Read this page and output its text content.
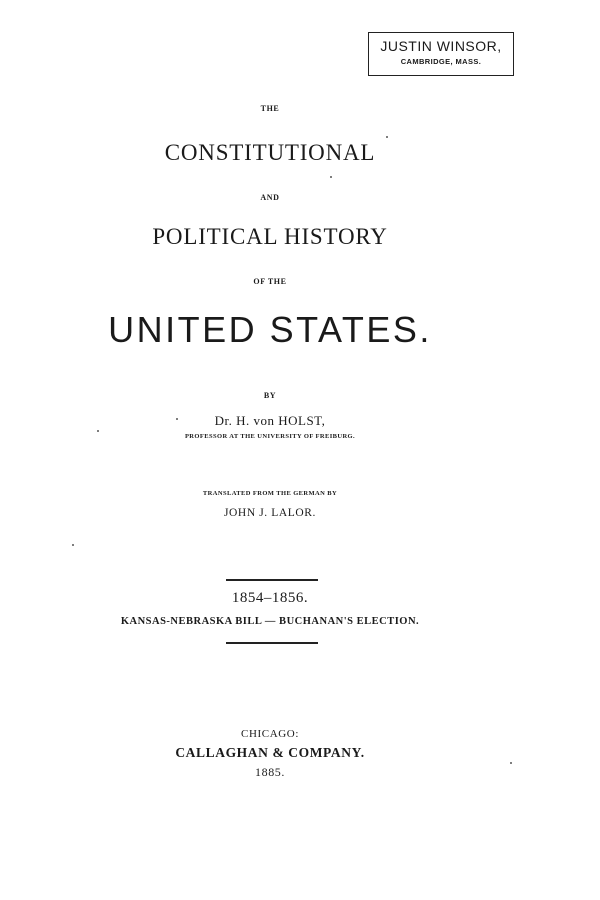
JUSTIN WINSOR,
CAMBRIDGE, MASS.
THE
CONSTITUTIONAL
AND
POLITICAL HISTORY
OF THE
UNITED STATES.
BY
Dr. H. von HOLST,
PROFESSOR AT THE UNIVERSITY OF FREIBURG.
TRANSLATED FROM THE GERMAN BY
JOHN J. LALOR.
1854–1856.
KANSAS-NEBRASKA BILL — BUCHANAN'S ELECTION.
CHICAGO:
CALLAGHAN & COMPANY.
1885.
